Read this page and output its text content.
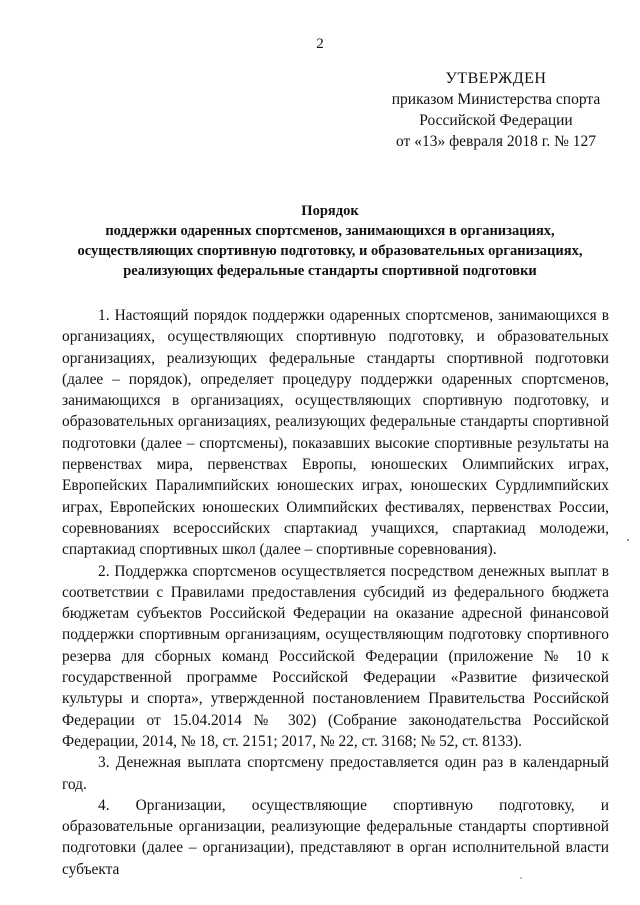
2
УТВЕРЖДЕН
приказом Министерства спорта
Российской Федерации
от «13» февраля 2018 г. № 127
Порядок
поддержки одаренных спортсменов, занимающихся в организациях,
осуществляющих спортивную подготовку, и образовательных организациях,
реализующих федеральные стандарты спортивной подготовки

1. Настоящий порядок поддержки одаренных спортсменов, занимающихся в организациях, осуществляющих спортивную подготовку, и образовательных организациях, реализующих федеральные стандарты спортивной подготовки (далее – порядок), определяет процедуру поддержки одаренных спортсменов, занимающихся в организациях, осуществляющих спортивную подготовку, и образовательных организациях, реализующих федеральные стандарты спортивной подготовки (далее – спортсмены), показавших высокие спортивные результаты на первенствах мира, первенствах Европы, юношеских Олимпийских играх, Европейских Паралимпийских юношеских играх, юношеских Сурдлимпийских играх, Европейских юношеских Олимпийских фестивалях, первенствах России, соревнованиях всероссийских спартакиад учащихся, спартакиад молодежи, спартакиад спортивных школ (далее – спортивные соревнования).

2. Поддержка спортсменов осуществляется посредством денежных выплат в соответствии с Правилами предоставления субсидий из федерального бюджета бюджетам субъектов Российской Федерации на оказание адресной финансовой поддержки спортивным организациям, осуществляющим подготовку спортивного резерва для сборных команд Российской Федерации (приложение № 10 к государственной программе Российской Федерации «Развитие физической культуры и спорта», утвержденной постановлением Правительства Российской Федерации от 15.04.2014 № 302) (Собрание законодательства Российской Федерации, 2014, № 18, ст. 2151; 2017, № 22, ст. 3168; № 52, ст. 8133).

3. Денежная выплата спортсмену предоставляется один раз в календарный год.

4. Организации, осуществляющие спортивную подготовку, и образовательные организации, реализующие федеральные стандарты спортивной подготовки (далее – организации), представляют в орган исполнительной власти субъекта
